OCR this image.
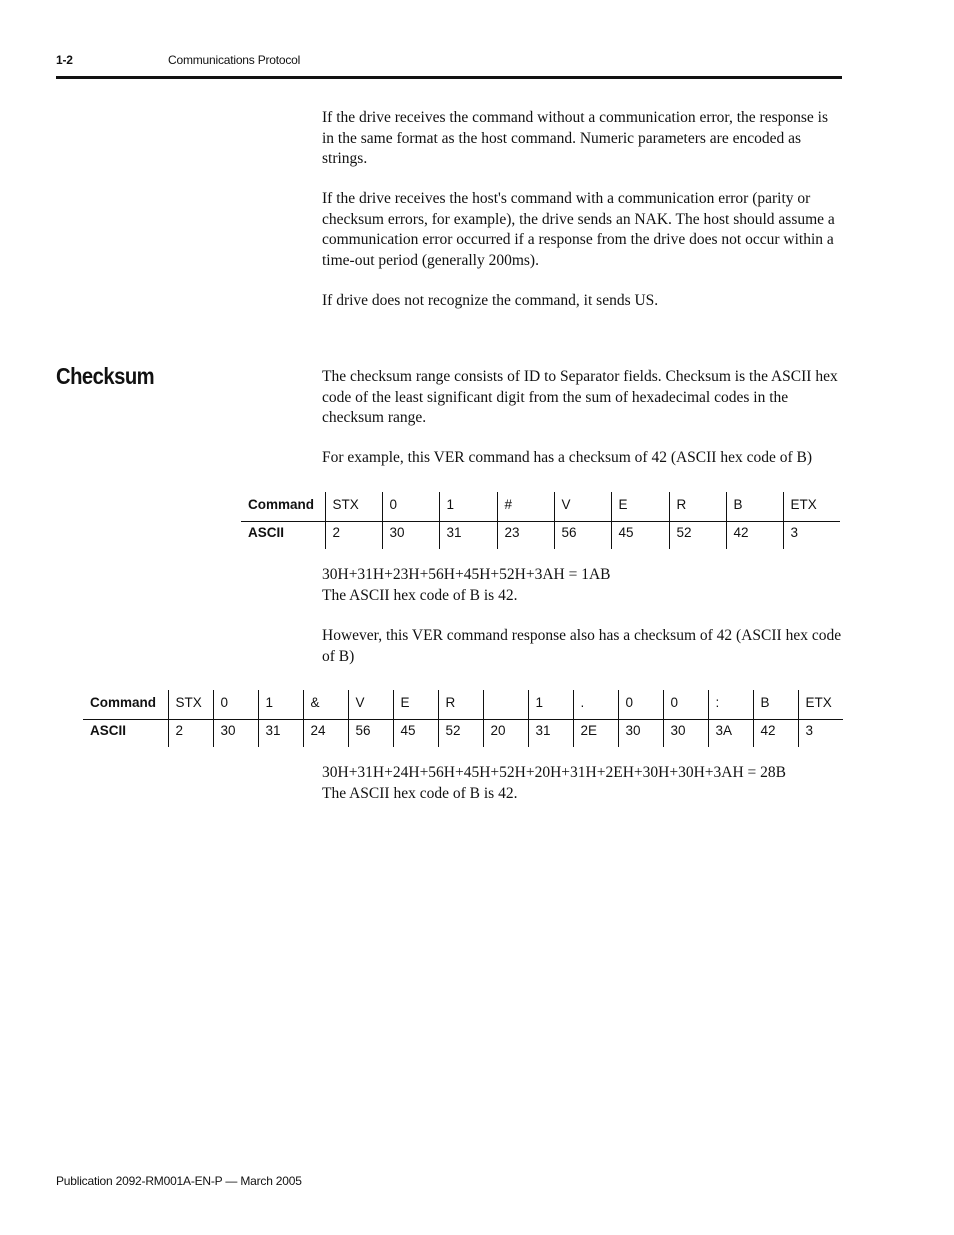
1-2	Communications Protocol

If the drive receives the command without a communication error, the response is in the same format as the host command. Numeric parameters are encoded as strings.

If the drive receives the host's command with a communication error (parity or checksum errors, for example), the drive sends an NAK. The host should assume a communication error occurred if a response from the drive does not occur within a time-out period (generally 200ms).

If drive does not recognize the command, it sends US.

Checksum	The checksum range consists of ID to Separator fields. Checksum is the ASCII hex code of the least significant digit from the sum of hexadecimal codes in the checksum range.

For example, this VER command has a checksum of 42 (ASCII hex code of B)

Command	STX	0	1	#	V	E	R	B	ETX
ASCII	2	30	31	23	56	45	52	42	3
30H+31H+23H+56H+45H+52H+3AH = 1AB
The ASCII hex code of B is 42.

However, this VER command response also has a checksum of 42 (ASCII hex code of B)

Command	STX	0	1	&	V	E	R		1	.	0	0	:	B	ETX
ASCII	2	30	31	24	56	45	52	20	31	2E	30	30	3A	42	3
30H+31H+24H+56H+45H+52H+20H+31H+2EH+30H+30H+3AH = 28B
The ASCII hex code of B is 42.
Publication 2092-RM001A-EN-P — March 2005
